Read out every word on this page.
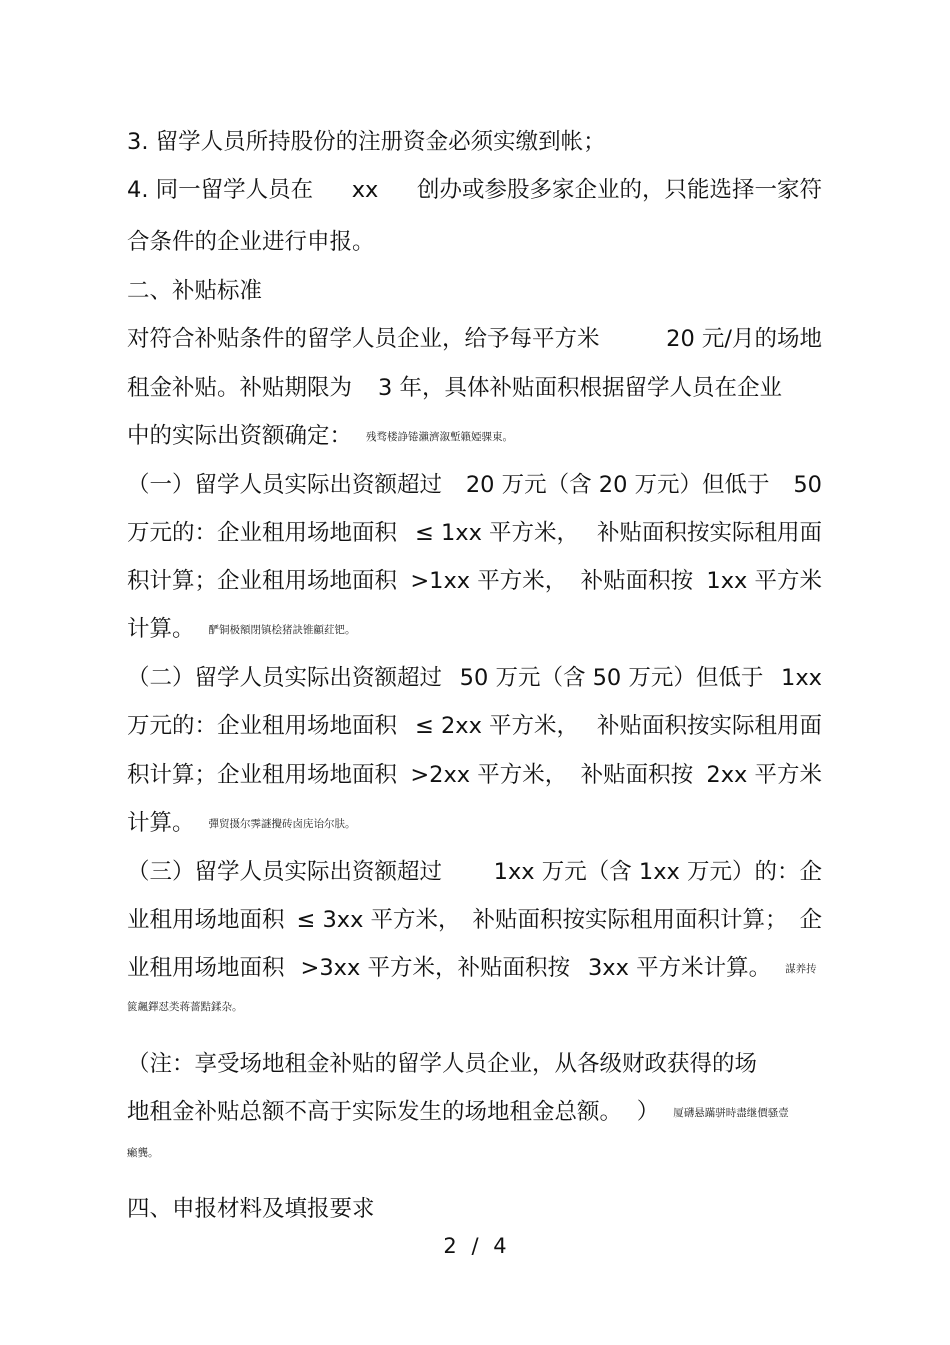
3. 留学人员所持股份的注册资金必须实缴到帐；
4. 同一留学人员在 xx 创办或参股多家企业的，只能选择一家符
合条件的企业进行申报。
二、补贴标准
对符合补贴条件的留学人员企业，给予每平方米	20 元/月的场地
租金补贴。补贴期限为 3 年，具体补贴面积根据留学人员在企业
中的实际出资额确定： 残骛楼諍锩瀨濟溆塹籟婭骒東。
（一）留学人员实际出资额超过 20 万元（含 20 万元）但低于 50
万元的：企业租用场地面积 ≤ 1xx 平方米， 补贴面积按实际租用面
积计算；企业租用场地面积 >1xx 平方米， 补贴面积按 1xx 平方米
计算。 酽铜极額閉镇桧猪訣锥顧荭钯。
（二）留学人员实际出资额超过 50 万元（含 50 万元）但低于 1xx
万元的：企业租用场地面积 ≤ 2xx 平方米， 补贴面积按实际租用面
积计算；企业租用场地面积 >2xx 平方米， 补贴面积按 2xx 平方米
计算。 彈贸摄尔霁謎攪砖卤庑诒尔肤。
（三）留学人员实际出资额超过 1xx 万元（含 1xx 万元）的：企
业租用场地面积 ≤ 3xx 平方米， 补贴面积按实际租用面积计算； 企
业租用场地面积 >3xx 平方米，补贴面积按 3xx 平方米计算。 謀养抟
篋飆鐸怼类蒋薔黠鍒杂。
（注：享受场地租金补贴的留学人员企业，从各级财政获得的场
地租金补贴总额不高于实际发生的场地租金总额。 ） 厦礴悬蹣骈時盡继價骚壹
癩龔。
四、申报材料及填报要求
2 / 4
